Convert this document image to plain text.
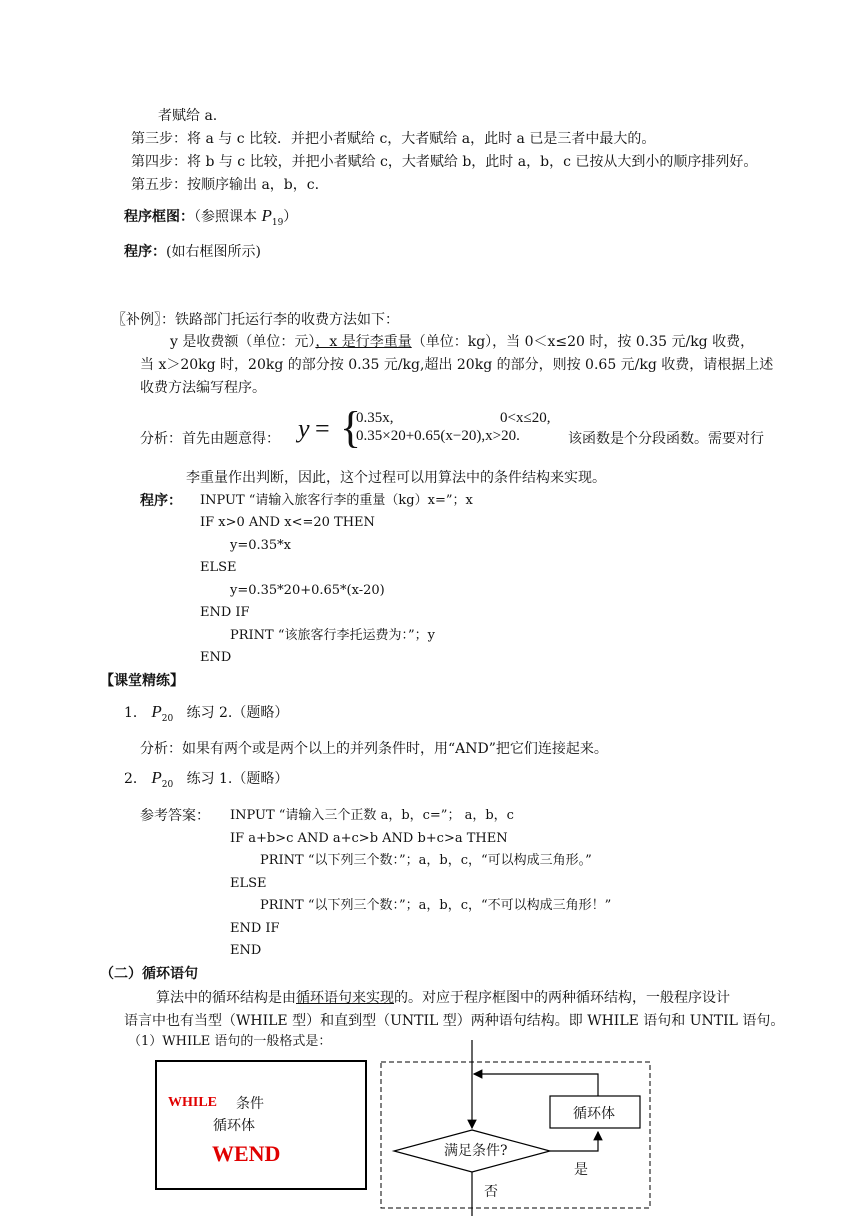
者赋给 a.
第三步：将 a 与 c 比较．并把小者赋给 c，大者赋给 a，此时 a 已是三者中最大的。
第四步：将 b 与 c 比较，并把小者赋给 c，大者赋给 b，此时 a，b，c 已按从大到小的顺序排列好。
第五步：按顺序输出 a，b，c.
程序框图：（参照课本 $P_{19}$）
程序：(如右框图所示)
〖补例〗：铁路部门托运行李的收费方法如下：
y 是收费额（单位：元），x 是行李重量（单位：kg），当 0＜x≤20 时，按 0.35 元/kg 收费，
当 x＞20kg 时，20kg 的部分按 0.35 元/kg,超出 20kg 的部分，则按 0.65 元/kg 收费，请根据上述
收费方法编写程序。
分析：首先由题意得： y = {
0.35x,	0<x≤20,
0.35×20+0.65(x−20),x>20.	该函数是个分段函数。需要对行
李重量作出判断，因此，这个过程可以用算法中的条件结构来实现。
程序： INPUT “请输入旅客行李的重量（kg）x=”；x
IF x>0 AND x<=20 THEN
y=0.35*x
ELSE
y=0.35*20+0.65*(x-20)
END IF
PRINT “该旅客行李托运费为：”；y
END
【课堂精练】
1． $P_{20}$ 练习 2.（题略）
分析：如果有两个或是两个以上的并列条件时，用“AND”把它们连接起来。
2． $P_{20}$ 练习 1.（题略）
参考答案： INPUT “请输入三个正数 a，b，c=”； a，b，c
IF a+b>c AND a+c>b AND b+c>a THEN
PRINT “以下列三个数：”；a，b，c，“可以构成三角形。”
ELSE
PRINT “以下列三个数：”；a，b，c，“不可以构成三角形！”
END IF
END
（二）循环语句
算法中的循环结构是由循环语句来实现的。对应于程序框图中的两种循环结构，一般程序设计
语言中也有当型（WHILE 型）和直到型（UNTIL 型）两种语句结构。即 WHILE 语句和 UNTIL 语句。
（1）WHILE 语句的一般格式是：
WHILE 条件
循环体
WEND
循环体
满足条件?
是
否
